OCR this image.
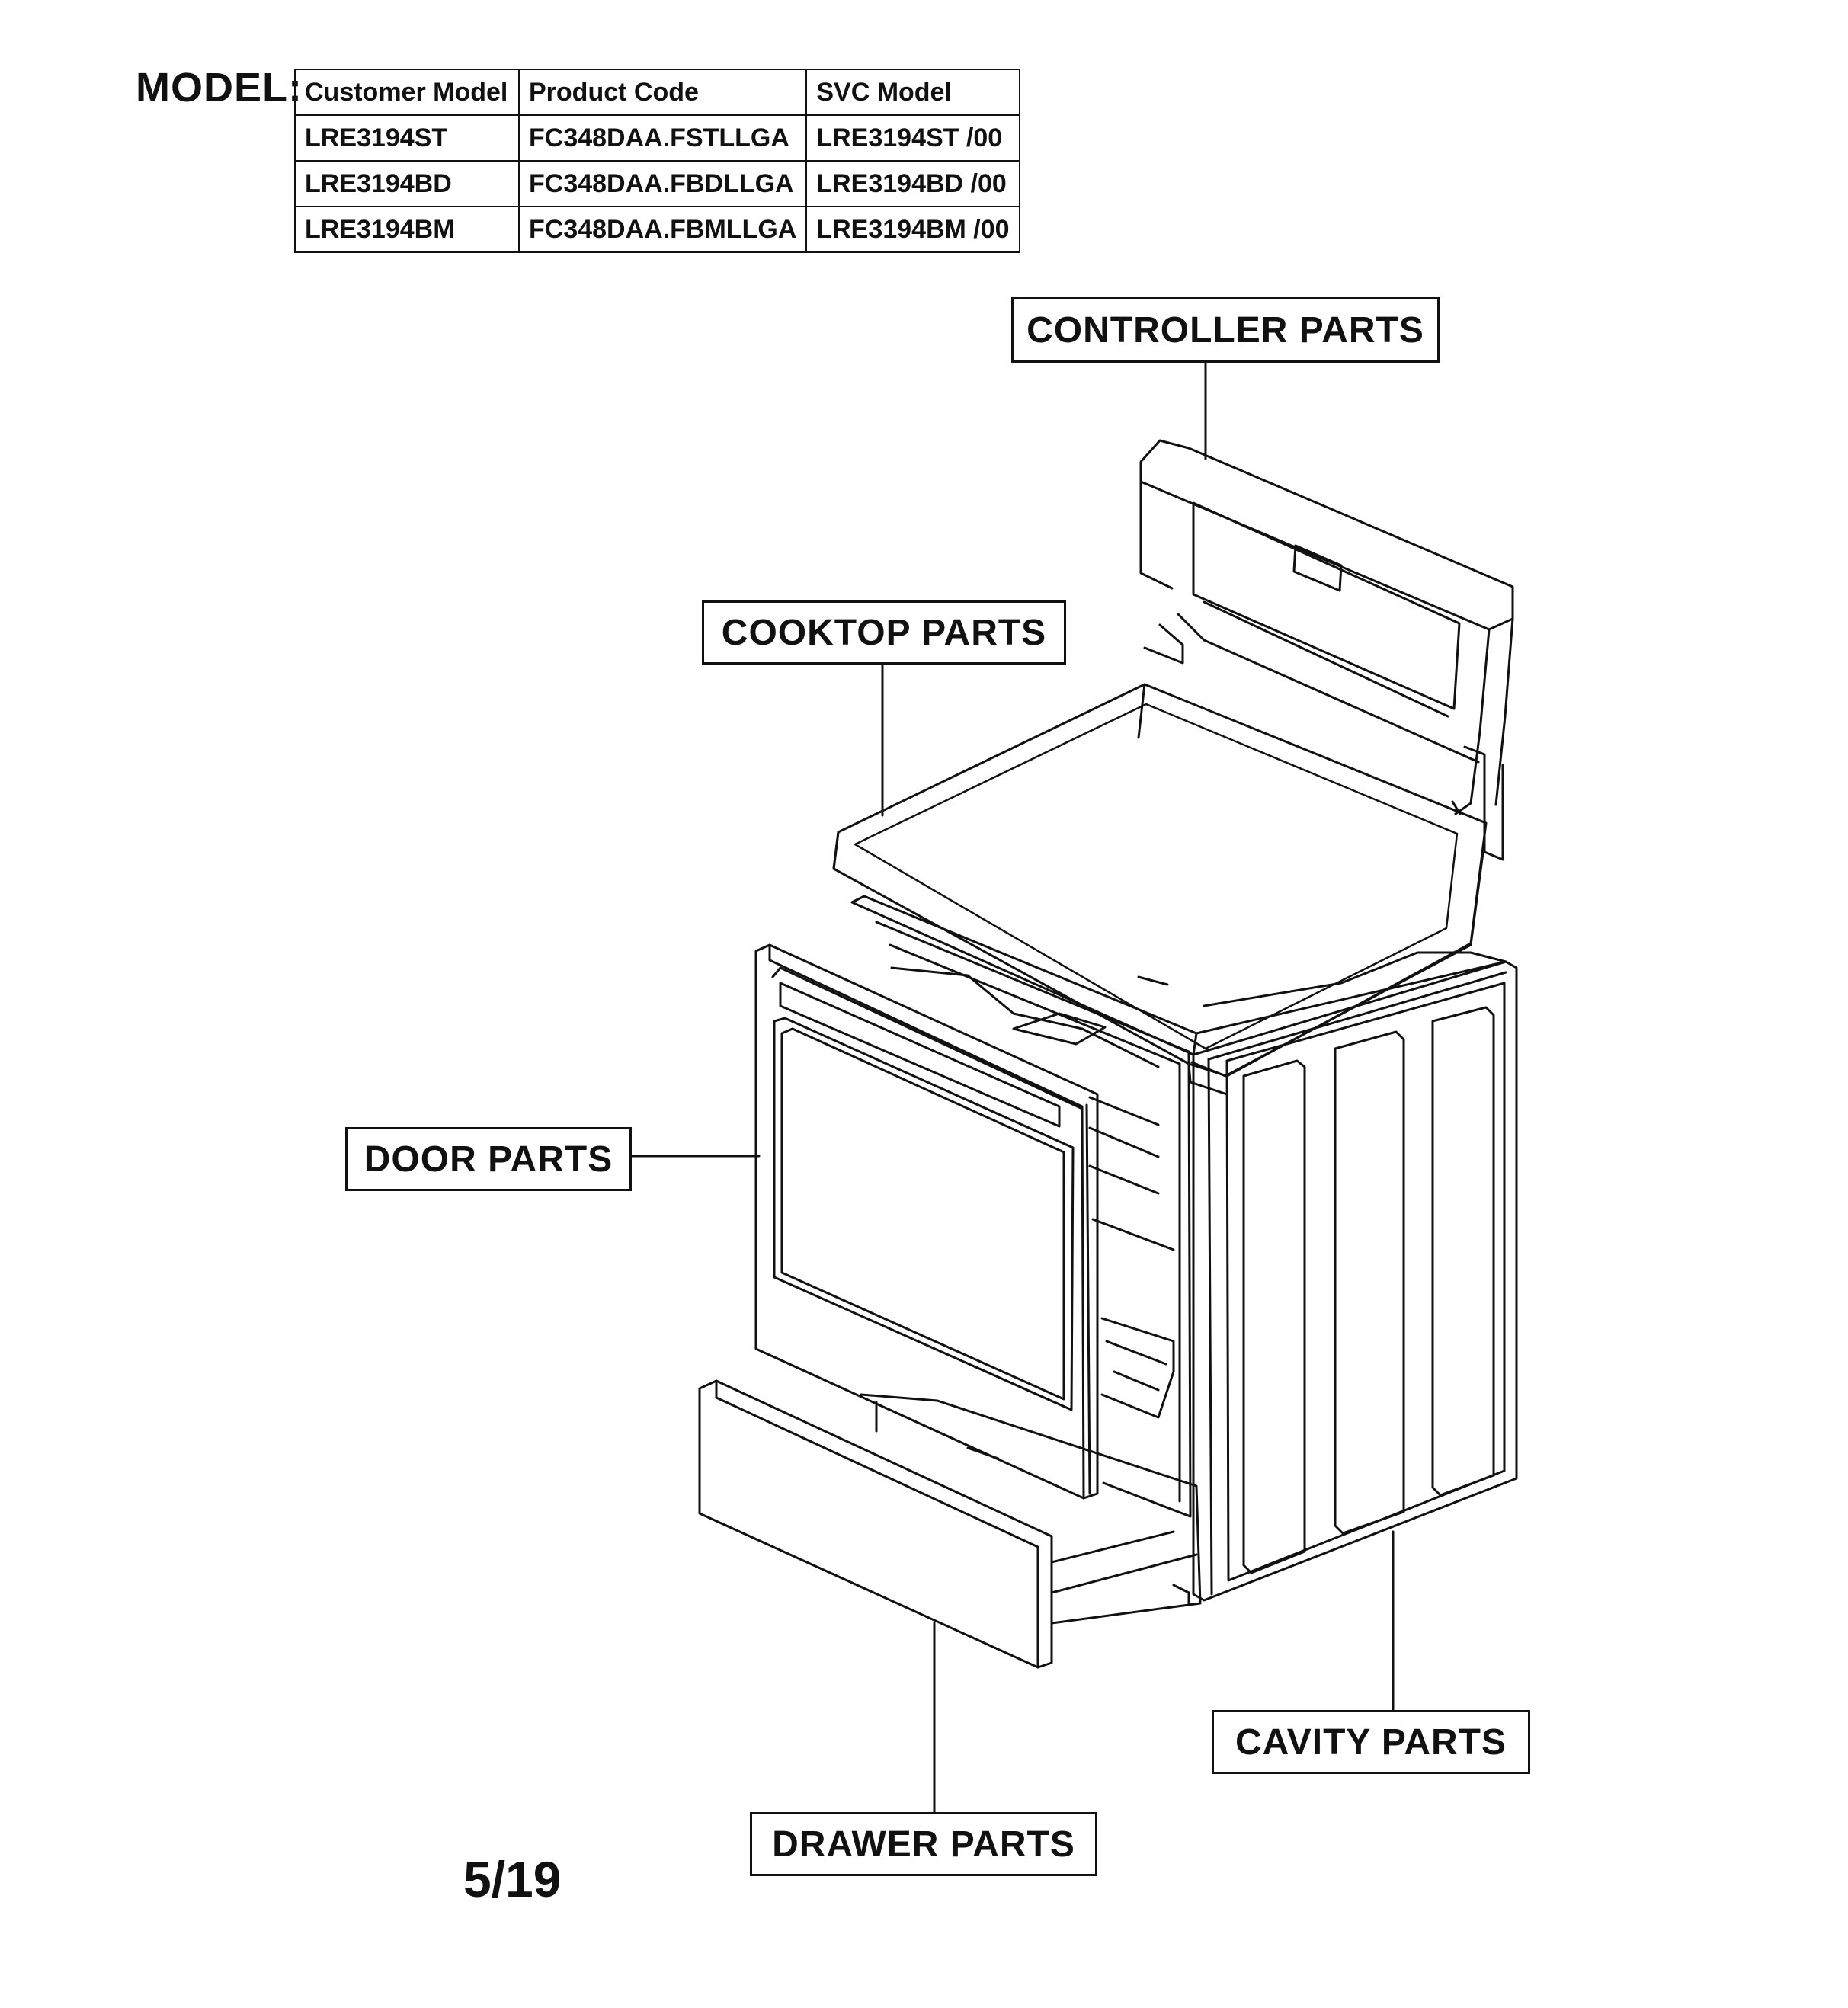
MODEL: Customer Model	Product Code	SVC Model
LRE3194ST	FC348DAA.FSTLLGA	LRE3194ST /00
LRE3194BD	FC348DAA.FBDLLGA	LRE3194BD /00
LRE3194BM	FC348DAA.FBMLLGA	LRE3194BM /00
CONTROLLER PARTS
COOKTOP PARTS
DOOR PARTS
CAVITY PARTS
DRAWER PARTS
5/19
